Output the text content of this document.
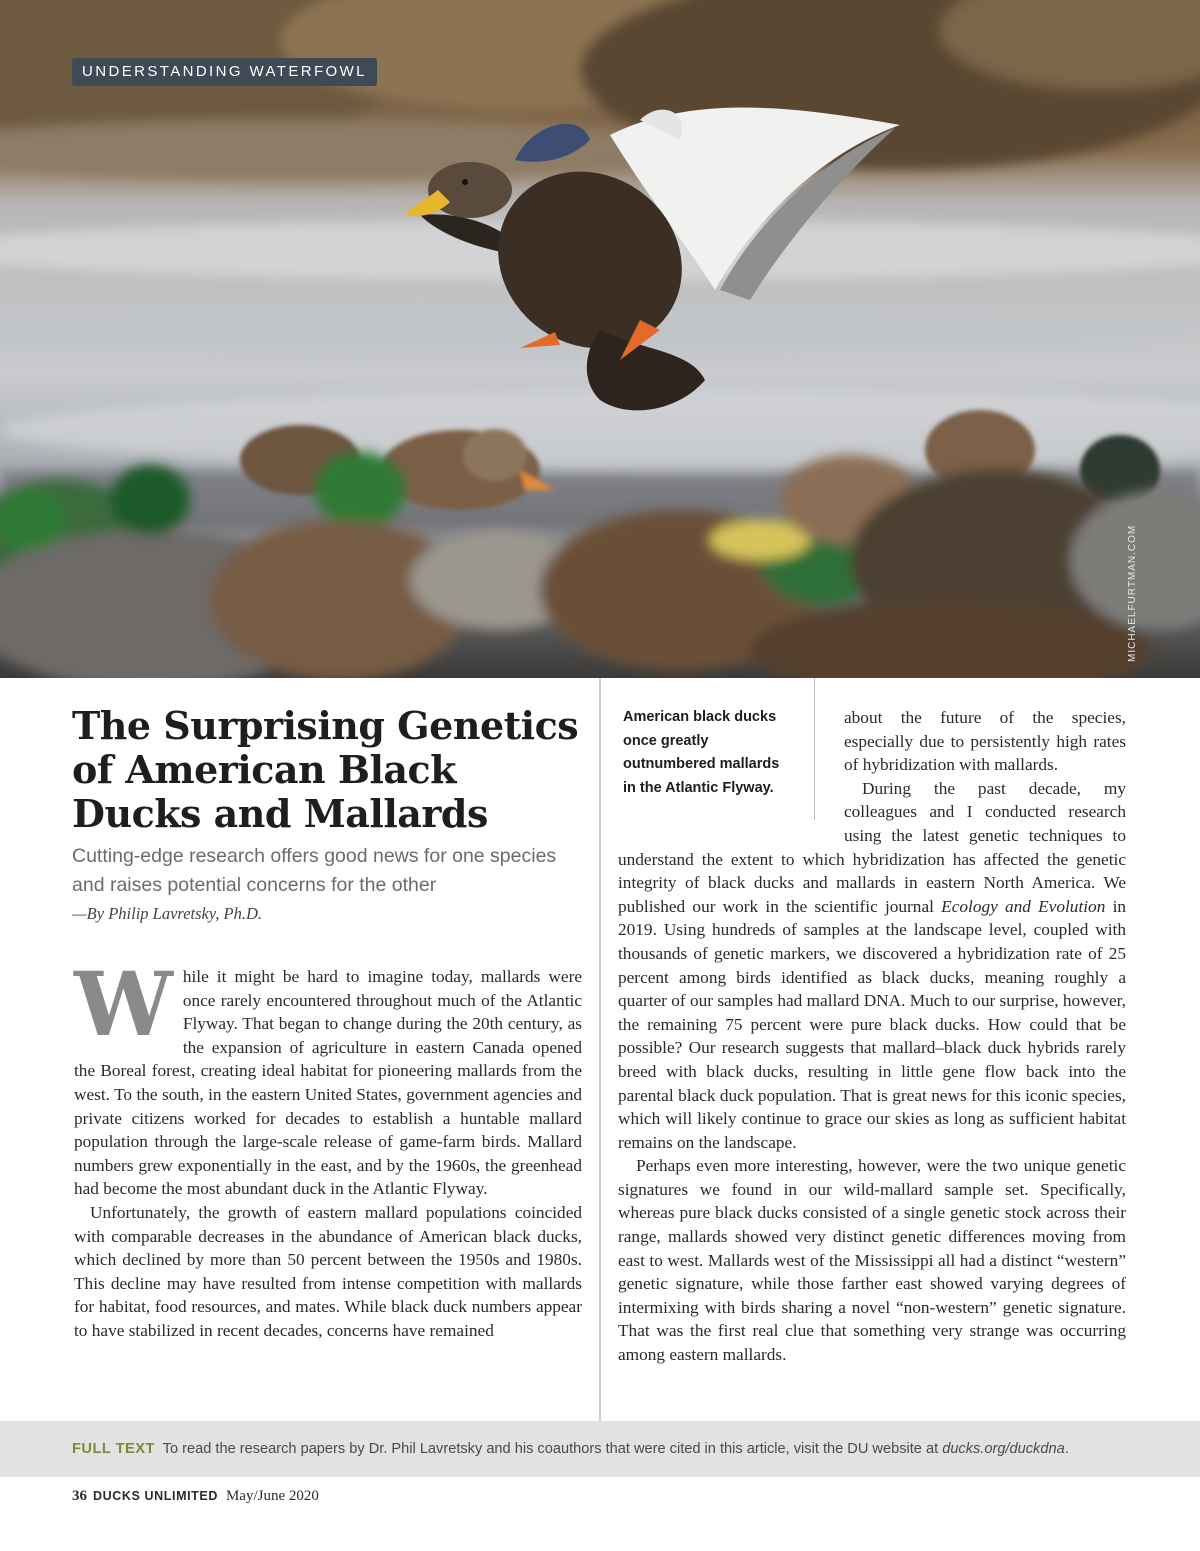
UNDERSTANDING WATERFOWL
MICHAELFURTMAN.COM
The Surprising Genetics of American Black Ducks and Mallards

Cutting-edge research offers good news for one species and raises potential concerns for the other

—By Philip Lavretsky, Ph.D.

While it might be hard to imagine today, mallards were once rarely encountered throughout much of the Atlantic Flyway. That began to change during the 20th century, as the expansion of agriculture in eastern Canada opened the Boreal forest, creating ideal habitat for pioneering mallards from the west. To the south, in the eastern United States, government agencies and private citizens worked for decades to establish a huntable mallard population through the large-scale release of game-farm birds. Mallard numbers grew exponentially in the east, and by the 1960s, the greenhead had become the most abundant duck in the Atlantic Flyway.

Unfortunately, the growth of eastern mallard populations coincided with comparable decreases in the abundance of American black ducks, which declined by more than 50 percent between the 1950s and 1980s. This decline may have resulted from intense competition with mallards for habitat, food resources, and mates. While black duck numbers appear to have stabilized in recent decades, concerns have remained

American black ducks once greatly outnumbered mallards in the Atlantic Flyway.

about the future of the species, especially due to persistently high rates of hybridization with mallards.

During the past decade, my colleagues and I conducted research using the latest genetic techniques to understand the extent to which hybridization has affected the genetic integrity of black ducks and mallards in eastern North America. We published our work in the scientific journal Ecology and Evolution in 2019. Using hundreds of samples at the landscape level, coupled with thousands of genetic markers, we discovered a hybridization rate of 25 percent among birds identified as black ducks, meaning roughly a quarter of our samples had mallard DNA. Much to our surprise, however, the remaining 75 percent were pure black ducks. How could that be possible? Our research suggests that mallard–black duck hybrids rarely breed with black ducks, resulting in little gene flow back into the parental black duck population. That is great news for this iconic species, which will likely continue to grace our skies as long as sufficient habitat remains on the landscape.

Perhaps even more interesting, however, were the two unique genetic signatures we found in our wild-mallard sample set. Specifically, whereas pure black ducks consisted of a single genetic stock across their range, mallards showed very distinct genetic differences moving from east to west. Mallards west of the Mississippi all had a distinct “western” genetic signature, while those farther east showed varying degrees of intermixing with birds sharing a novel “non-western” genetic signature. That was the first real clue that something very strange was occurring among eastern mallards.

FULL TEXT To read the research papers by Dr. Phil Lavretsky and his coauthors that were cited in this article, visit the DU website at ducks.org/duckdna.
36 DUCKS UNLIMITED May/June 2020
